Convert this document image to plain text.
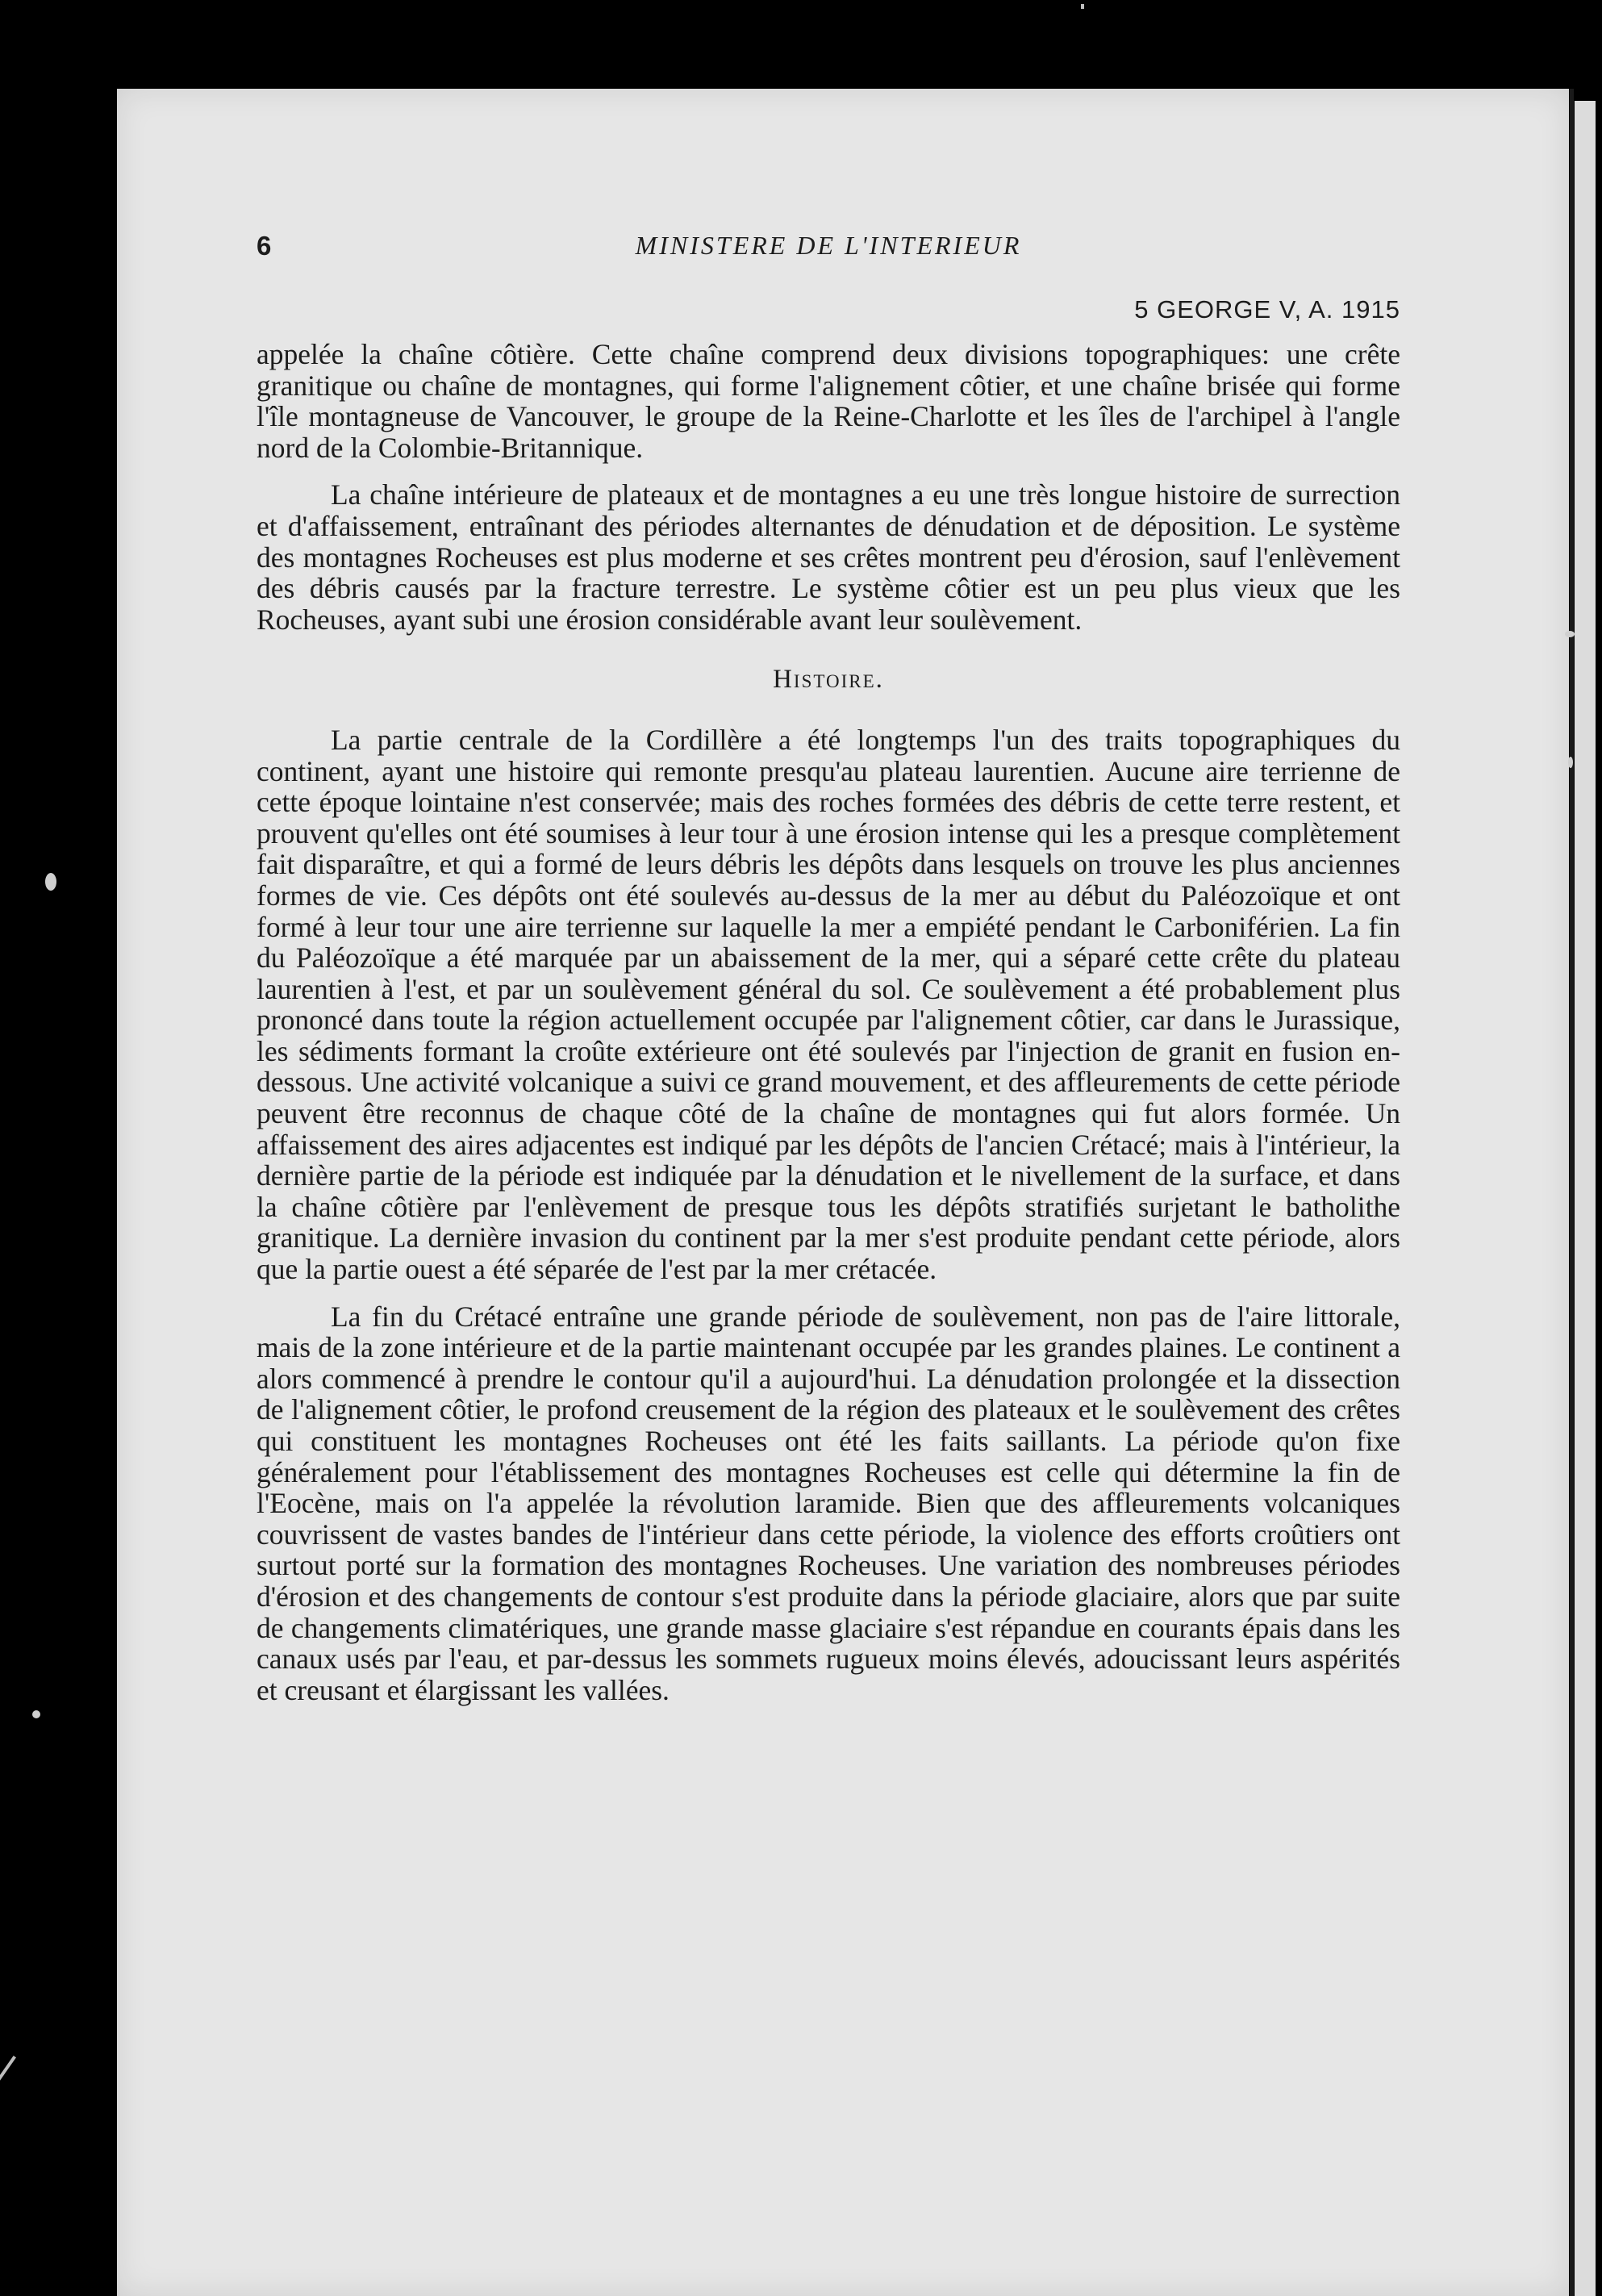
6	MINISTERE DE L'INTERIEUR
5 GEORGE V, A. 1915

appelée la chaîne côtière. Cette chaîne comprend deux divisions topographiques: une crête granitique ou chaîne de montagnes, qui forme l'alignement côtier, et une chaîne brisée qui forme l'île montagneuse de Vancouver, le groupe de la Reine-Charlotte et les îles de l'archipel à l'angle nord de la Colombie-Britannique.

La chaîne intérieure de plateaux et de montagnes a eu une très longue histoire de surrection et d'affaissement, entraînant des périodes alternantes de dénudation et de déposition. Le système des montagnes Rocheuses est plus moderne et ses crêtes montrent peu d'érosion, sauf l'enlèvement des débris causés par la fracture terrestre. Le système côtier est un peu plus vieux que les Rocheuses, ayant subi une érosion considérable avant leur soulèvement.

Histoire.

La partie centrale de la Cordillère a été longtemps l'un des traits topographiques du continent, ayant une histoire qui remonte presqu'au plateau laurentien. Aucune aire terrienne de cette époque lointaine n'est conservée; mais des roches formées des débris de cette terre restent, et prouvent qu'elles ont été soumises à leur tour à une érosion intense qui les a presque complètement fait disparaître, et qui a formé de leurs débris les dépôts dans lesquels on trouve les plus anciennes formes de vie. Ces dépôts ont été soulevés au-dessus de la mer au début du Paléozoïque et ont formé à leur tour une aire terrienne sur laquelle la mer a empiété pendant le Carboniférien. La fin du Paléozoïque a été marquée par un abaissement de la mer, qui a séparé cette crête du plateau laurentien à l'est, et par un soulèvement général du sol. Ce soulèvement a été probablement plus prononcé dans toute la région actuellement occupée par l'alignement côtier, car dans le Jurassique, les sédiments formant la croûte extérieure ont été soulevés par l'injection de granit en fusion en-dessous. Une activité volcanique a suivi ce grand mouvement, et des affleurements de cette période peuvent être reconnus de chaque côté de la chaîne de montagnes qui fut alors formée. Un affaissement des aires adjacentes est indiqué par les dépôts de l'ancien Crétacé; mais à l'intérieur, la dernière partie de la période est indiquée par la dénudation et le nivellement de la surface, et dans la chaîne côtière par l'enlèvement de presque tous les dépôts stratifiés surjetant le batholithe granitique. La dernière invasion du continent par la mer s'est produite pendant cette période, alors que la partie ouest a été séparée de l'est par la mer crétacée.

La fin du Crétacé entraîne une grande période de soulèvement, non pas de l'aire littorale, mais de la zone intérieure et de la partie maintenant occupée par les grandes plaines. Le continent a alors commencé à prendre le contour qu'il a aujourd'hui. La dénudation prolongée et la dissection de l'alignement côtier, le profond creusement de la région des plateaux et le soulèvement des crêtes qui constituent les montagnes Rocheuses ont été les faits saillants. La période qu'on fixe généralement pour l'établissement des montagnes Rocheuses est celle qui détermine la fin de l'Eocène, mais on l'a appelée la révolution laramide. Bien que des affleurements volcaniques couvrissent de vastes bandes de l'intérieur dans cette période, la violence des efforts croûtiers ont surtout porté sur la formation des montagnes Rocheuses. Une variation des nombreuses périodes d'érosion et des changements de contour s'est produite dans la période glaciaire, alors que par suite de changements climatériques, une grande masse glaciaire s'est répandue en courants épais dans les canaux usés par l'eau, et par-dessus les sommets rugueux moins élevés, adoucissant leurs aspérités et creusant et élargissant les vallées.
